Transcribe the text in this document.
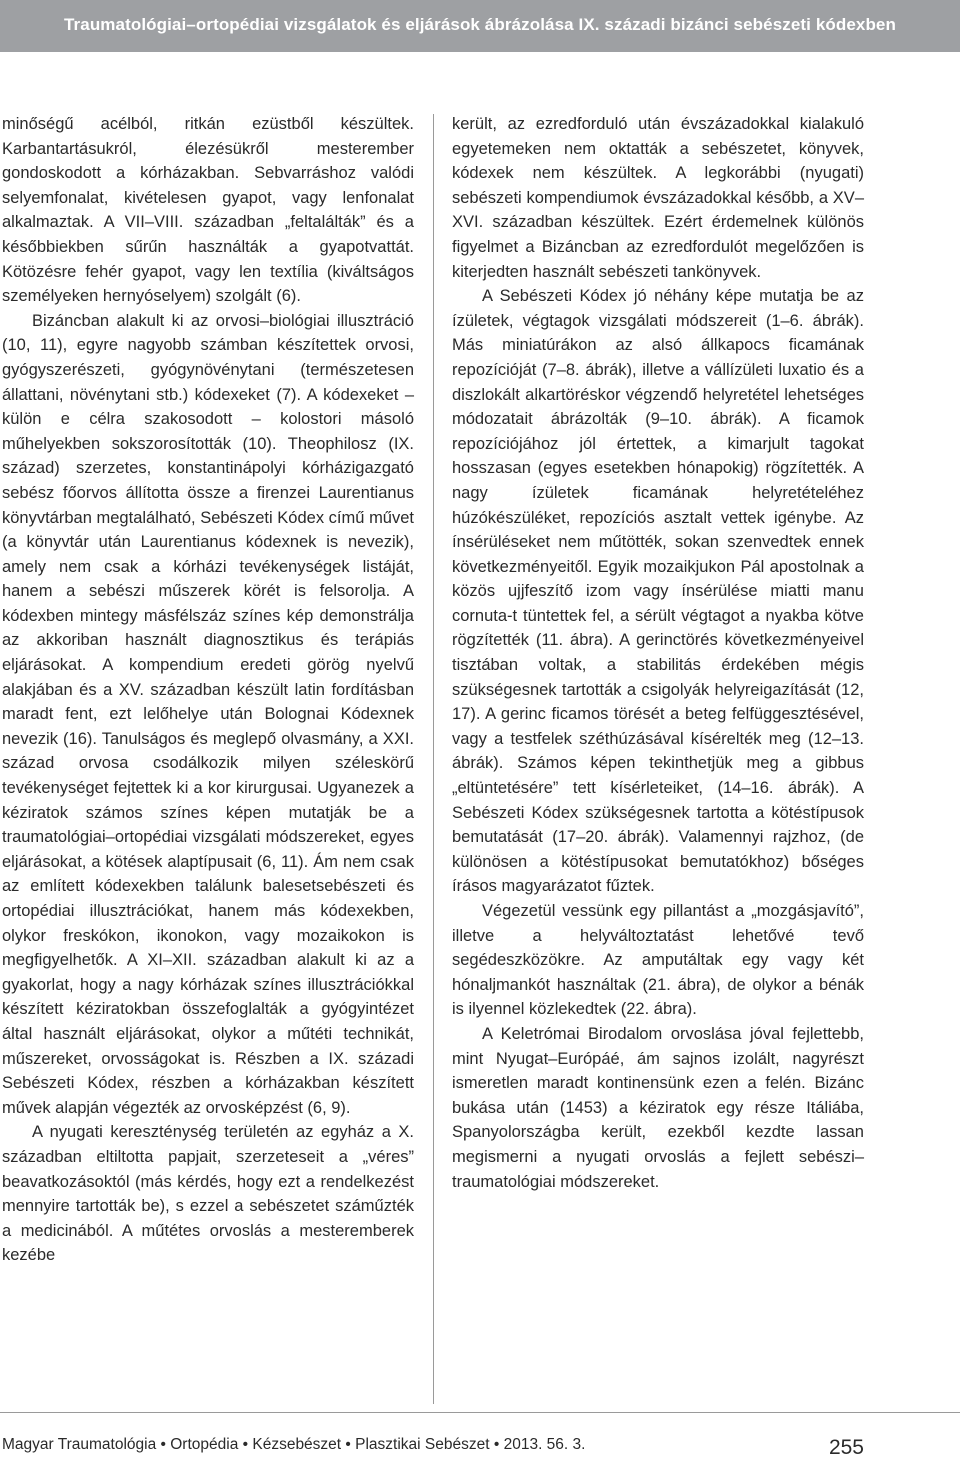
Traumatológiai–ortopédiai vizsgálatok és eljárások ábrázolása IX. századi bizánci sebészeti kódexben

minőségű acélból, ritkán ezüstből készültek. Karbantartásukról, élezésükről mesterember gondoskodott a kórházakban. Sebvarráshoz valódi selyemfonalat, kivételesen gyapot, vagy lenfonalat alkalmaztak. A VII–VIII. században „feltalálták” és a későbbiekben sűrűn használták a gyapotvattát. Kötözésre fehér gyapot, vagy len textília (kiváltságos személyeken hernyóselyem) szolgált (6).

Bizáncban alakult ki az orvosi–biológiai illusztráció (10, 11), egyre nagyobb számban készítettek orvosi, gyógyszerészeti, gyógynövénytani (természetesen állattani, növénytani stb.) kódexeket (7). A kódexeket – külön e célra szakosodott – kolostori másoló műhelyekben sokszorosították (10). Theophilosz (IX. század) szerzetes, konstantinápolyi kórházigazgató sebész főorvos állította össze a firenzei Laurentianus könyvtárban megtalálható, Sebészeti Kódex című művet (a könyvtár után Laurentianus kódexnek is nevezik), amely nem csak a kórházi tevékenységek listáját, hanem a sebészi műszerek körét is felsorolja. A kódexben mintegy másfélszáz színes kép demonstrálja az akkoriban használt diagnosztikus és terápiás eljárásokat. A kompendium eredeti görög nyelvű alakjában és a XV. században készült latin fordításban maradt fent, ezt lelőhelye után Bolognai Kódexnek nevezik (16). Tanulságos és meglepő olvasmány, a XXI. század orvosa csodálkozik milyen széleskörű tevékenységet fejtettek ki a kor kirurgusai. Ugyanezek a kéziratok számos színes képen mutatják be a traumatológiai–ortopédiai vizsgálati módszereket, egyes eljárásokat, a kötések alaptípusait (6, 11). Ám nem csak az említett kódexekben találunk balesetsebészeti és ortopédiai illusztrációkat, hanem más kódexekben, olykor freskókon, ikonokon, vagy mozaikokon is megfigyelhetők. A XI–XII. században alakult ki az a gyakorlat, hogy a nagy kórházak színes illusztrációkkal készített kéziratokban összefoglalták a gyógyintézet által használt eljárásokat, olykor a műtéti technikát, műszereket, orvosságokat is. Részben a IX. századi Sebészeti Kódex, részben a kórházakban készített művek alapján végezték az orvosképzést (6, 9).

A nyugati kereszténység területén az egyház a X. században eltiltotta papjait, szerzeteseit a „véres” beavatkozásoktól (más kérdés, hogy ezt a rendelkezést mennyire tartották be), s ezzel a sebészetet száműzték a medicinából. A műtétes orvoslás a mesteremberek kezébe

került, az ezredforduló után évszázadokkal kialakuló egyetemeken nem oktatták a sebészetet, könyvek, kódexek nem készültek. A legkorábbi (nyugati) sebészeti kompendiumok évszázadokkal később, a XV–XVI. században készültek. Ezért érdemelnek különös figyelmet a Bizáncban az ezredfordulót megelőzően is kiterjedten használt sebészeti tankönyvek.

A Sebészeti Kódex jó néhány képe mutatja be az ízületek, végtagok vizsgálati módszereit (1–6. ábrák). Más miniatúrákon az alsó állkapocs ficamának repozícióját (7–8. ábrák), illetve a vállízületi luxatio és a diszlokált alkartöréskor végzendő helyretétel lehetséges módozatait ábrázolták (9–10. ábrák). A ficamok repozíciójához jól értettek, a kimarjult tagokat hosszasan (egyes esetekben hónapokig) rögzítették. A nagy ízületek ficamának helyretételéhez húzókészüléket, repozíciós asztalt vettek igénybe. Az ínsérüléseket nem műtötték, sokan szenvedtek ennek következményeitől. Egyik mozaikjukon Pál apostolnak a közös ujjfeszítő izom vagy ínsérülése miatti manu cornuta-t tüntettek fel, a sérült végtagot a nyakba kötve rögzítették (11. ábra). A gerinctörés következményeivel tisztában voltak, a stabilitás érdekében mégis szükségesnek tartották a csigolyák helyreigazítását (12, 17). A gerinc ficamos törését a beteg felfüggesztésével, vagy a testfelek széthúzásával kísérelték meg (12–13. ábrák). Számos képen tekinthetjük meg a gibbus „eltüntetésére” tett kísérleteiket, (14–16. ábrák). A Sebészeti Kódex szükségesnek tartotta a kötéstípusok bemutatását (17–20. ábrák). Valamennyi rajzhoz, (de különösen a kötéstípusokat bemutatókhoz) bőséges írásos magyarázatot fűztek.

Végezetül vessünk egy pillantást a „mozgásjavító”, illetve a helyváltoztatást lehetővé tevő segédeszközökre. Az amputáltak egy vagy két hónaljmankót használtak (21. ábra), de olykor a bénák is ilyennel közlekedtek (22. ábra).

A Keletrómai Birodalom orvoslása jóval fejlettebb, mint Nyugat–Európáé, ám sajnos izolált, nagyrészt ismeretlen maradt kontinensünk ezen a felén. Bizánc bukása után (1453) a kéziratok egy része Itáliába, Spanyolországba került, ezekből kezdte lassan megismerni a nyugati orvoslás a fejlett sebészi–traumatológiai módszereket.

Magyar Traumatológia • Ortopédia • Kézsebészet • Plasztikai Sebészet • 2013. 56. 3.	255
